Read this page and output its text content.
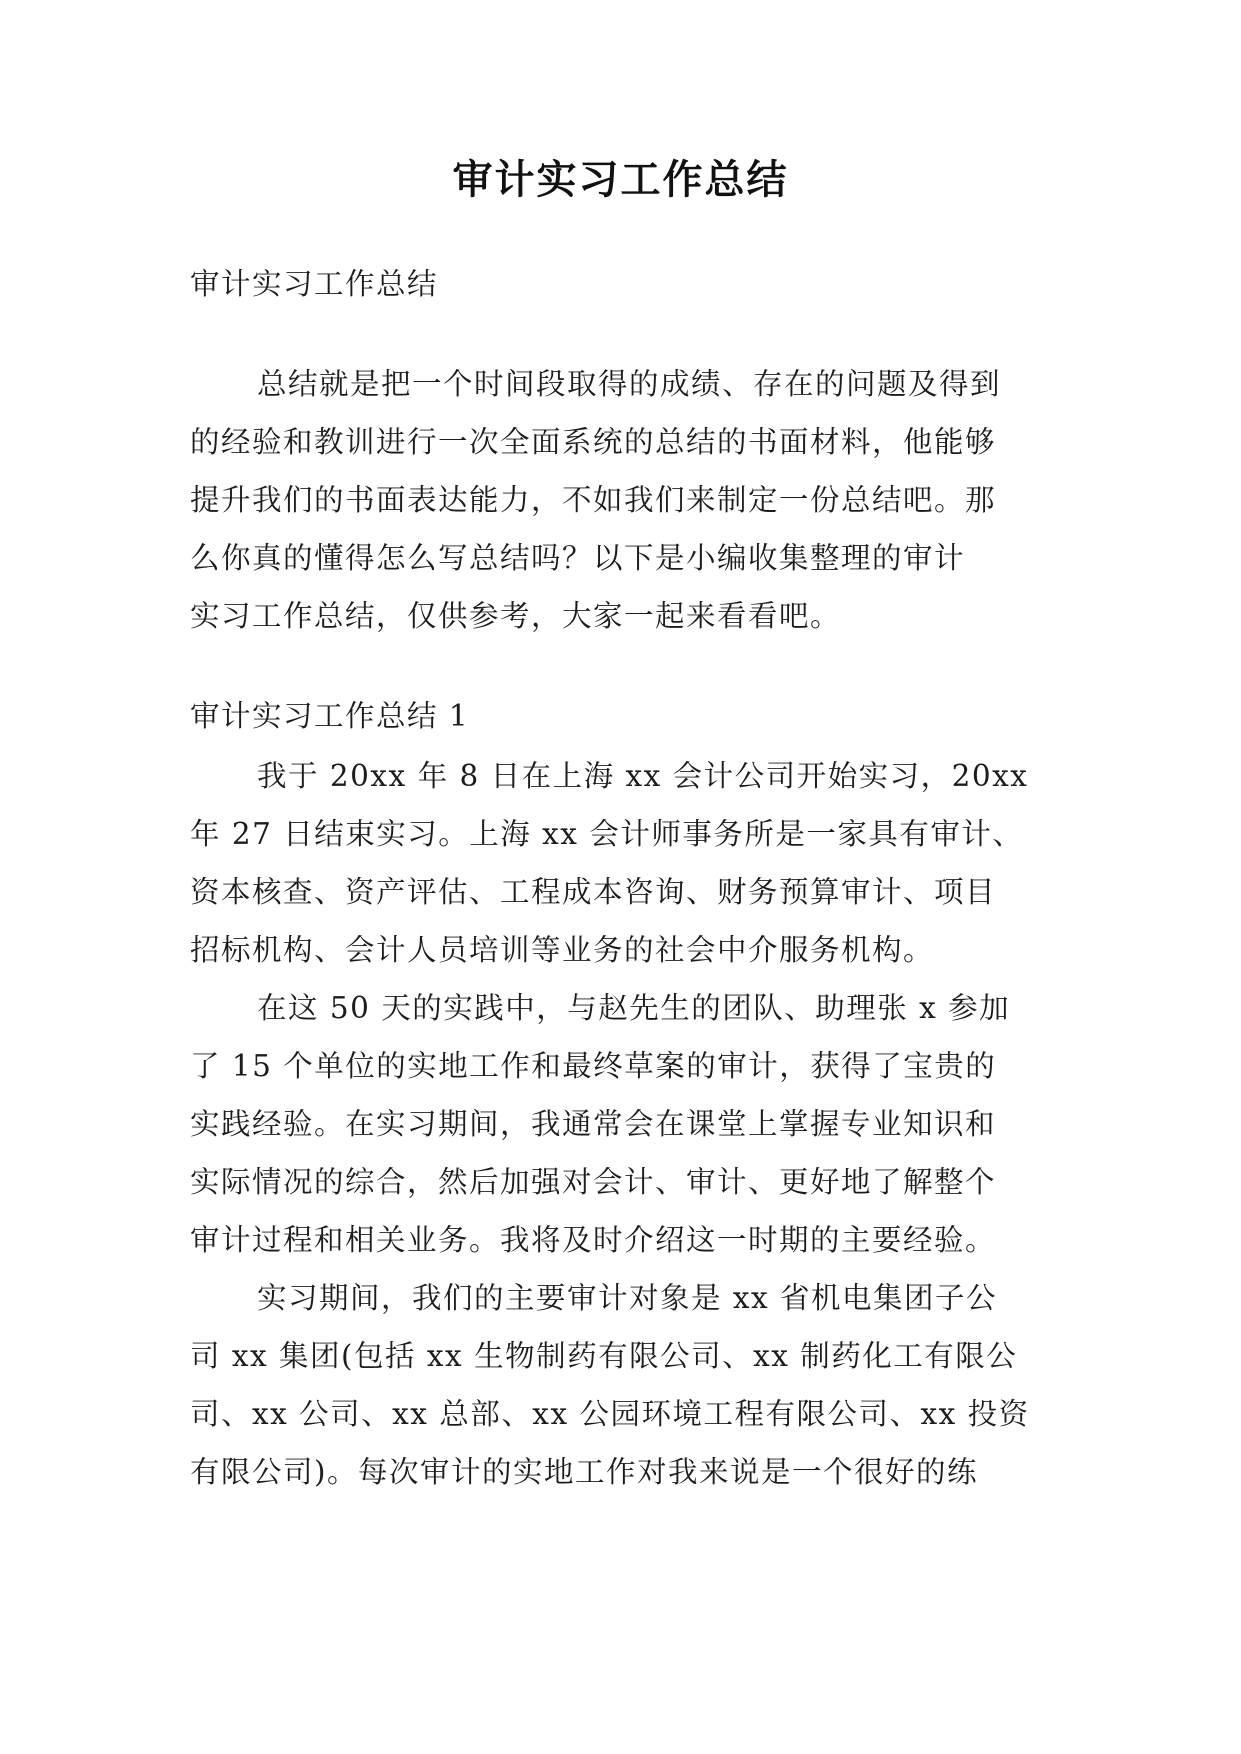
审计实习工作总结
审计实习工作总结
总结就是把一个时间段取得的成绩、存在的问题及得到
的经验和教训进行一次全面系统的总结的书面材料，他能够
提升我们的书面表达能力，不如我们来制定一份总结吧。那
么你真的懂得怎么写总结吗？以下是小编收集整理的审计
实习工作总结，仅供参考，大家一起来看看吧。
审计实习工作总结 1
我于 20xx 年 8 日在上海 xx 会计公司开始实习，20xx
年 27 日结束实习。上海 xx 会计师事务所是一家具有审计、
资本核查、资产评估、工程成本咨询、财务预算审计、项目
招标机构、会计人员培训等业务的社会中介服务机构。
在这 50 天的实践中，与赵先生的团队、助理张 x 参加
了 15 个单位的实地工作和最终草案的审计，获得了宝贵的
实践经验。在实习期间，我通常会在课堂上掌握专业知识和
实际情况的综合，然后加强对会计、审计、更好地了解整个
审计过程和相关业务。我将及时介绍这一时期的主要经验。
实习期间，我们的主要审计对象是 xx 省机电集团子公
司 xx 集团(包括 xx 生物制药有限公司、xx 制药化工有限公
司、xx 公司、xx 总部、xx 公园环境工程有限公司、xx 投资
有限公司)。每次审计的实地工作对我来说是一个很好的练
